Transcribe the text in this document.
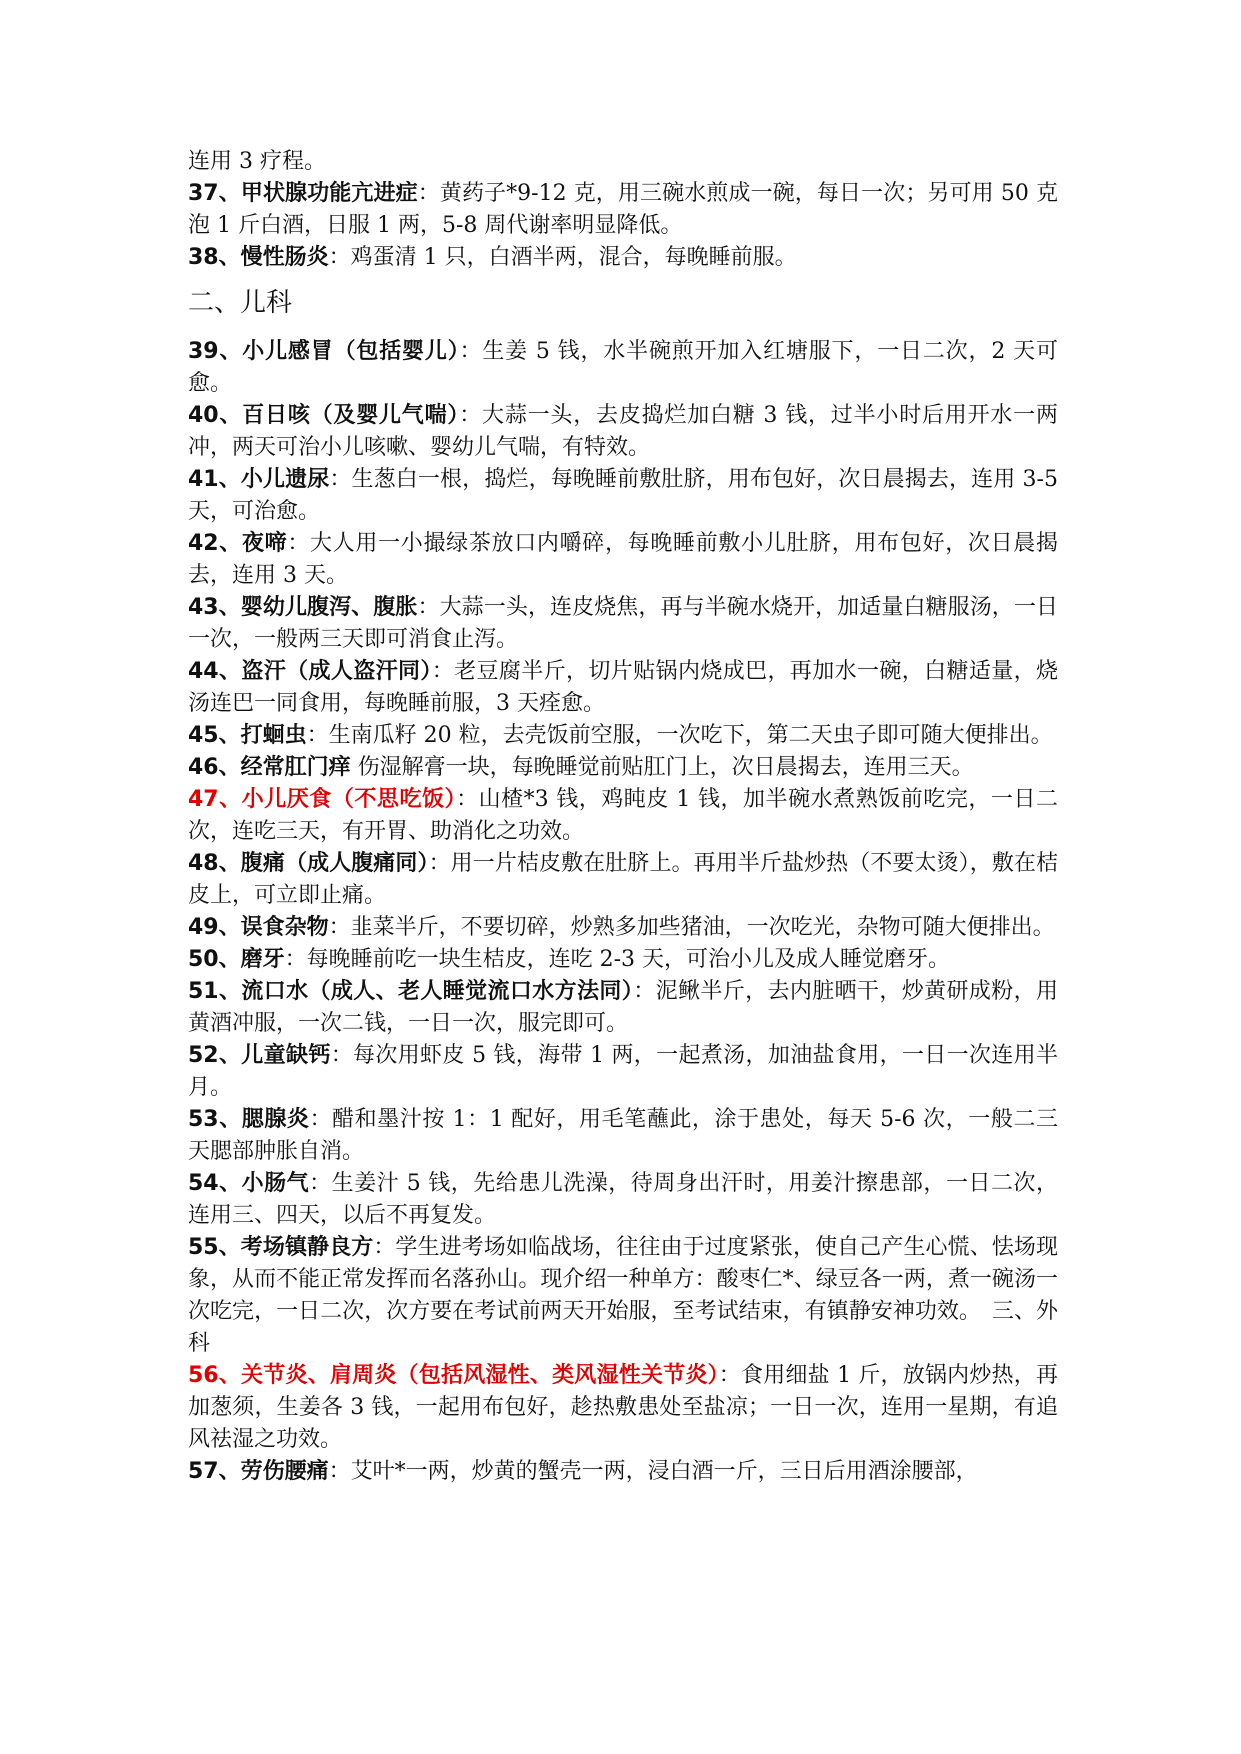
连用 3 疗程。

37、甲状腺功能亢进症：黄药子*9-12 克，用三碗水煎成一碗，每日一次；另可用 50 克泡 1 斤白酒，日服 1 两，5-8 周代谢率明显降低。

38、慢性肠炎：鸡蛋清 1 只，白酒半两，混合，每晚睡前服。

二、儿科

39、小儿感冒（包括婴儿）：生姜 5 钱，水半碗煎开加入红塘服下，一日二次，2 天可愈。

40、百日咳（及婴儿气喘）：大蒜一头，去皮捣烂加白糖 3 钱，过半小时后用开水一两冲，两天可治小儿咳嗽、婴幼儿气喘，有特效。

41、小儿遗尿：生葱白一根，捣烂，每晚睡前敷肚脐，用布包好，次日晨揭去，连用 3-5 天，可治愈。

42、夜啼：大人用一小撮绿茶放口内嚼碎，每晚睡前敷小儿肚脐，用布包好，次日晨揭去，连用 3 天。

43、婴幼儿腹泻、腹胀：大蒜一头，连皮烧焦，再与半碗水烧开，加适量白糖服汤，一日一次，一般两三天即可消食止泻。

44、盗汗（成人盗汗同）：老豆腐半斤，切片贴锅内烧成巴，再加水一碗，白糖适量，烧汤连巴一同食用，每晚睡前服，3 天痊愈。

45、打蛔虫：生南瓜籽 20 粒，去壳饭前空服，一次吃下，第二天虫子即可随大便排出。

46、经常肛门痒 伤湿解膏一块，每晚睡觉前贴肛门上，次日晨揭去，连用三天。

47、小儿厌食（不思吃饭）：山楂*3 钱，鸡盹皮 1 钱，加半碗水煮熟饭前吃完，一日二次，连吃三天，有开胃、助消化之功效。

48、腹痛（成人腹痛同）：用一片桔皮敷在肚脐上。再用半斤盐炒热（不要太烫），敷在桔皮上，可立即止痛。

49、误食杂物：韭菜半斤，不要切碎，炒熟多加些猪油，一次吃光，杂物可随大便排出。

50、磨牙：每晚睡前吃一块生桔皮，连吃 2-3 天，可治小儿及成人睡觉磨牙。

51、流口水（成人、老人睡觉流口水方法同）：泥鳅半斤，去内脏晒干，炒黄研成粉，用黄酒冲服，一次二钱，一日一次，服完即可。

52、儿童缺钙：每次用虾皮 5 钱，海带 1 两，一起煮汤，加油盐食用，一日一次连用半月。

53、腮腺炎：醋和墨汁按 1：1 配好，用毛笔蘸此，涂于患处，每天 5-6 次，一般二三天腮部肿胀自消。

54、小肠气：生姜汁 5 钱，先给患儿洗澡，待周身出汗时，用姜汁擦患部，一日二次，连用三、四天，以后不再复发。

55、考场镇静良方：学生进考场如临战场，往往由于过度紧张，使自己产生心慌、怯场现象，从而不能正常发挥而名落孙山。现介绍一种单方：酸枣仁*、绿豆各一两，煮一碗汤一次吃完，一日二次，次方要在考试前两天开始服，至考试结束，有镇静安神功效。　三、外科

56、关节炎、肩周炎（包括风湿性、类风湿性关节炎）：食用细盐 1 斤，放锅内炒热，再加葱须，生姜各 3 钱，一起用布包好，趁热敷患处至盐凉；一日一次，连用一星期，有追风祛湿之功效。

57、劳伤腰痛：艾叶*一两，炒黄的蟹壳一两，浸白酒一斤，三日后用酒涂腰部，
